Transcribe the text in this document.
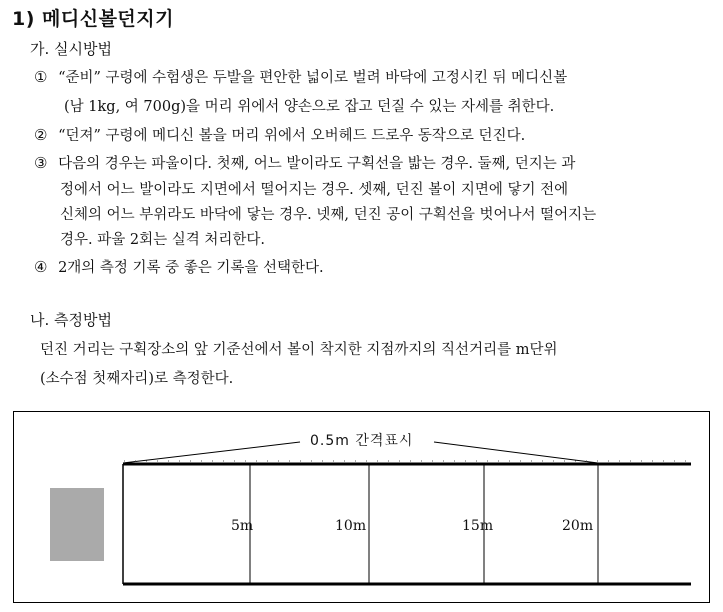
1) 메디신볼던지기
가. 실시방법
① “준비” 구령에 수험생은 두발을 편안한 넓이로 벌려 바닥에 고정시킨 뒤 메디신볼
(남 1kg, 여 700g)을 머리 위에서 양손으로 잡고 던질 수 있는 자세를 취한다.
② “던져” 구령에 메디신 볼을 머리 위에서 오버헤드 드로우 동작으로 던진다.
③ 다음의 경우는 파울이다. 첫째, 어느 발이라도 구획선을 밟는 경우. 둘째, 던지는 과
정에서 어느 발이라도 지면에서 떨어지는 경우. 셋째, 던진 볼이 지면에 닿기 전에
신체의 어느 부위라도 바닥에 닿는 경우. 넷째, 던진 공이 구획선을 벗어나서 떨어지는
경우. 파울 2회는 실격 처리한다.
④ 2개의 측정 기록 중 좋은 기록을 선택한다.
나. 측정방법
던진 거리는 구획장소의 앞 기준선에서 볼이 착지한 지점까지의 직선거리를 m단위
(소수점 첫째자리)로 측정한다.
0.5m 간격표시
5m	10m	15m	20m
